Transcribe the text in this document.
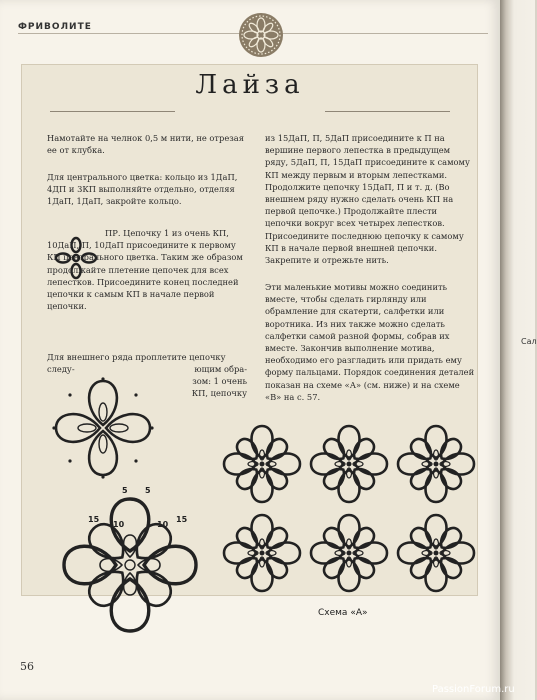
ФРИВОЛИТЕ
Лайза

Намотайте на челнок 0,5 м нити, не отрезая ее от клубка.

Для центрального цветка: кольцо из 1ДаП, 4ДП и 3КП выполняйте отдельно, отделяя 1ДаП, 1ДаП, закройте кольцо.

ПР. Цепочку 1 из очень КП, 10ДаП, П, 10ДаП присоедините к первому КП центрального цветка. Таким же образом продолжайте плетение цепочек для всех лепестков. Присоедините конец последней цепочки к самым КП в начале первой цепочки.

Для внешнего ряда проплетите цепочку следу-	ющим обра-

зом: 1 очень

КП, цепочку

из 15ДаП, П, 5ДаП присоедините к П на вершине первого лепестка в предыдущем ряду, 5ДаП, П, 15ДаП присоедините к самому КП между первым и вторым лепестками. Продолжите цепочку 15ДаП, П и т. д. (Во внешнем ряду нужно сделать очень КП на первой цепочке.) Продолжайте плести цепочки вокруг всех четырех лепестков. Присоедините последнюю цепочку к самому КП в начале первой внешней цепочки. Закрепите и отрежьте нить.

Эти маленькие мотивы можно соединить вместе, чтобы сделать гирлянду или обрамление для скатерти, салфетки или воротника. Из них также можно сделать салфетки самой разной формы, собрав их вместе. Закончив выполнение мотива, необходимо его разгладить или придать ему форму пальцами. Порядок соединения деталей показан на схеме «А» (см. ниже) и на схеме «В» на с. 57.

5 5
15
10	10
15
Схема «А»
56
Сал
PassionForum.ru
